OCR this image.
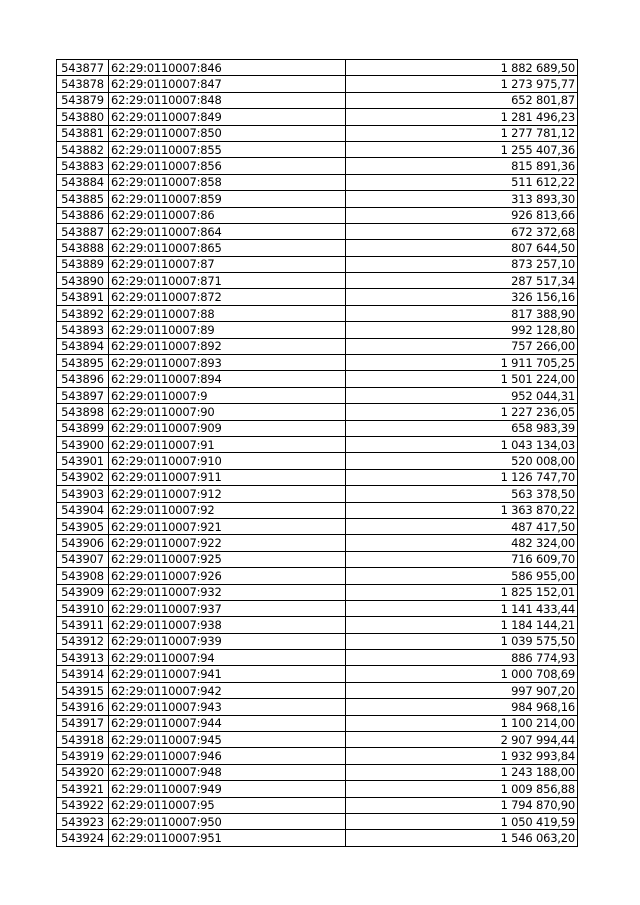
543877	62:29:0110007:846	1 882 689,50
543878	62:29:0110007:847	1 273 975,77
543879	62:29:0110007:848	652 801,87
543880	62:29:0110007:849	1 281 496,23
543881	62:29:0110007:850	1 277 781,12
543882	62:29:0110007:855	1 255 407,36
543883	62:29:0110007:856	815 891,36
543884	62:29:0110007:858	511 612,22
543885	62:29:0110007:859	313 893,30
543886	62:29:0110007:86	926 813,66
543887	62:29:0110007:864	672 372,68
543888	62:29:0110007:865	807 644,50
543889	62:29:0110007:87	873 257,10
543890	62:29:0110007:871	287 517,34
543891	62:29:0110007:872	326 156,16
543892	62:29:0110007:88	817 388,90
543893	62:29:0110007:89	992 128,80
543894	62:29:0110007:892	757 266,00
543895	62:29:0110007:893	1 911 705,25
543896	62:29:0110007:894	1 501 224,00
543897	62:29:0110007:9	952 044,31
543898	62:29:0110007:90	1 227 236,05
543899	62:29:0110007:909	658 983,39
543900	62:29:0110007:91	1 043 134,03
543901	62:29:0110007:910	520 008,00
543902	62:29:0110007:911	1 126 747,70
543903	62:29:0110007:912	563 378,50
543904	62:29:0110007:92	1 363 870,22
543905	62:29:0110007:921	487 417,50
543906	62:29:0110007:922	482 324,00
543907	62:29:0110007:925	716 609,70
543908	62:29:0110007:926	586 955,00
543909	62:29:0110007:932	1 825 152,01
543910	62:29:0110007:937	1 141 433,44
543911	62:29:0110007:938	1 184 144,21
543912	62:29:0110007:939	1 039 575,50
543913	62:29:0110007:94	886 774,93
543914	62:29:0110007:941	1 000 708,69
543915	62:29:0110007:942	997 907,20
543916	62:29:0110007:943	984 968,16
543917	62:29:0110007:944	1 100 214,00
543918	62:29:0110007:945	2 907 994,44
543919	62:29:0110007:946	1 932 993,84
543920	62:29:0110007:948	1 243 188,00
543921	62:29:0110007:949	1 009 856,88
543922	62:29:0110007:95	1 794 870,90
543923	62:29:0110007:950	1 050 419,59
543924	62:29:0110007:951	1 546 063,20
